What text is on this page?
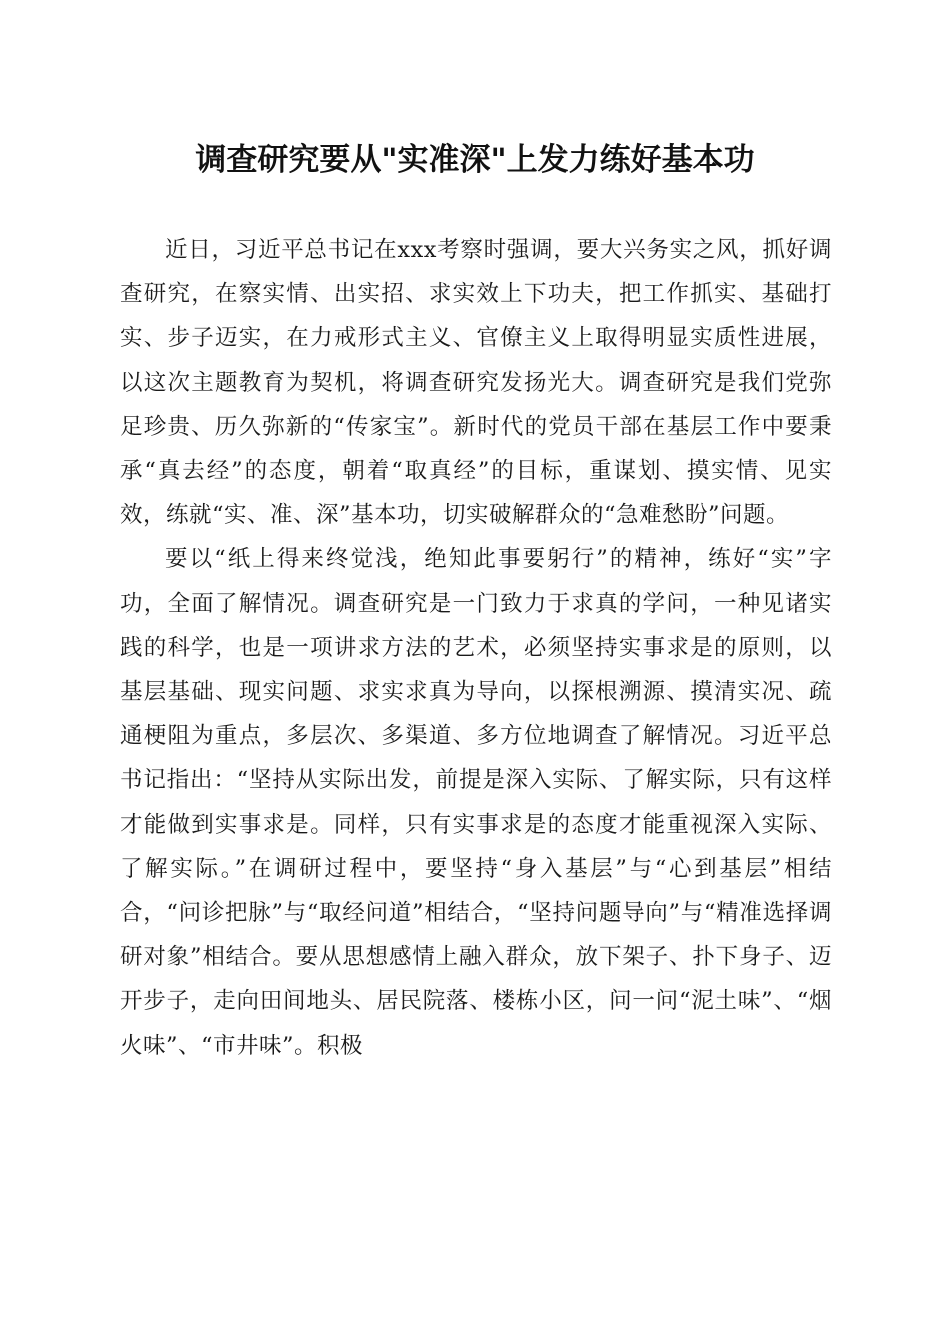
调查研究要从"实准深"上发力练好基本功

近日，习近平总书记在xxx考察时强调，要大兴务实之风，抓好调查研究，在察实情、出实招、求实效上下功夫，把工作抓实、基础打实、步子迈实，在力戒形式主义、官僚主义上取得明显实质性进展，以这次主题教育为契机，将调查研究发扬光大。调查研究是我们党弥足珍贵、历久弥新的“传家宝”。新时代的党员干部在基层工作中要秉承“真去经”的态度，朝着“取真经”的目标，重谋划、摸实情、见实效，练就“实、准、深”基本功，切实破解群众的“急难愁盼”问题。

要以“纸上得来终觉浅，绝知此事要躬行”的精神，练好“实”字功，全面了解情况。调查研究是一门致力于求真的学问，一种见诸实践的科学，也是一项讲求方法的艺术，必须坚持实事求是的原则，以基层基础、现实问题、求实求真为导向，以探根溯源、摸清实况、疏通梗阻为重点，多层次、多渠道、多方位地调查了解情况。习近平总书记指出：“坚持从实际出发，前提是深入实际、了解实际，只有这样才能做到实事求是。同样，只有实事求是的态度才能重视深入实际、了解实际。”在调研过程中，要坚持“身入基层”与“心到基层”相结合，“问诊把脉”与“取经问道”相结合，“坚持问题导向”与“精准选择调研对象”相结合。要从思想感情上融入群众，放下架子、扑下身子、迈开步子，走向田间地头、居民院落、楼栋小区，问一问“泥土味”、“烟火味”、“市井味”。积极
